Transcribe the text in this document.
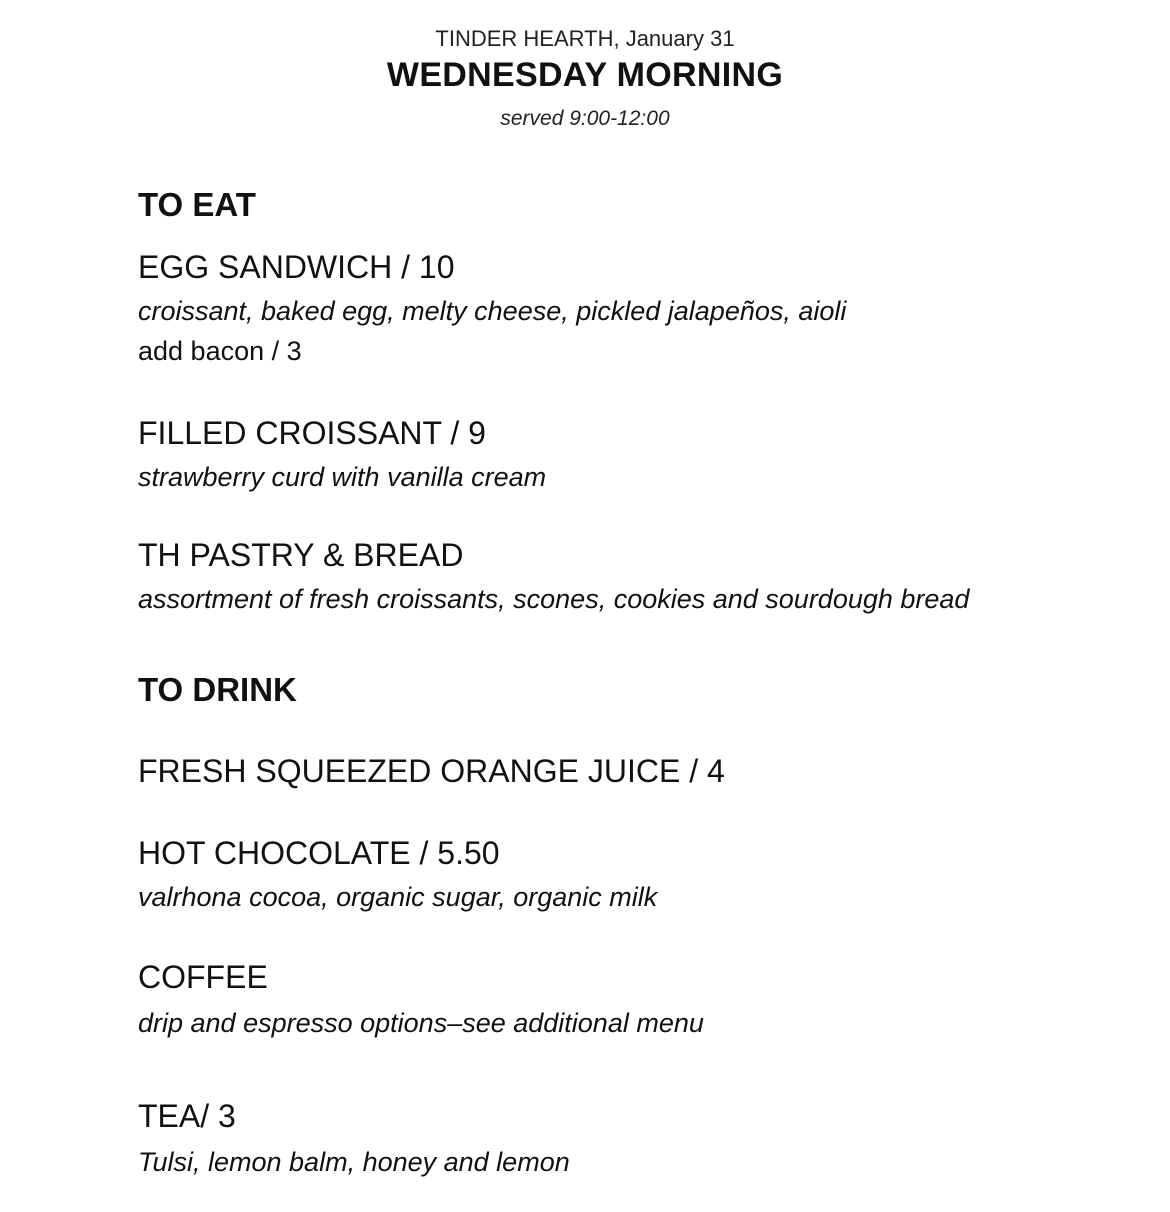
TINDER HEARTH, January 31
WEDNESDAY MORNING
served 9:00-12:00
TO EAT
EGG SANDWICH / 10
croissant, baked egg, melty cheese, pickled jalapeños, aioli
add bacon / 3
FILLED CROISSANT / 9
strawberry curd with vanilla cream
TH PASTRY & BREAD
assortment of fresh croissants, scones, cookies and sourdough bread
TO DRINK
FRESH SQUEEZED ORANGE JUICE / 4
HOT CHOCOLATE / 5.50
valrhona cocoa, organic sugar, organic milk
COFFEE
drip and espresso options–see additional menu
TEA/ 3
Tulsi, lemon balm, honey and lemon
